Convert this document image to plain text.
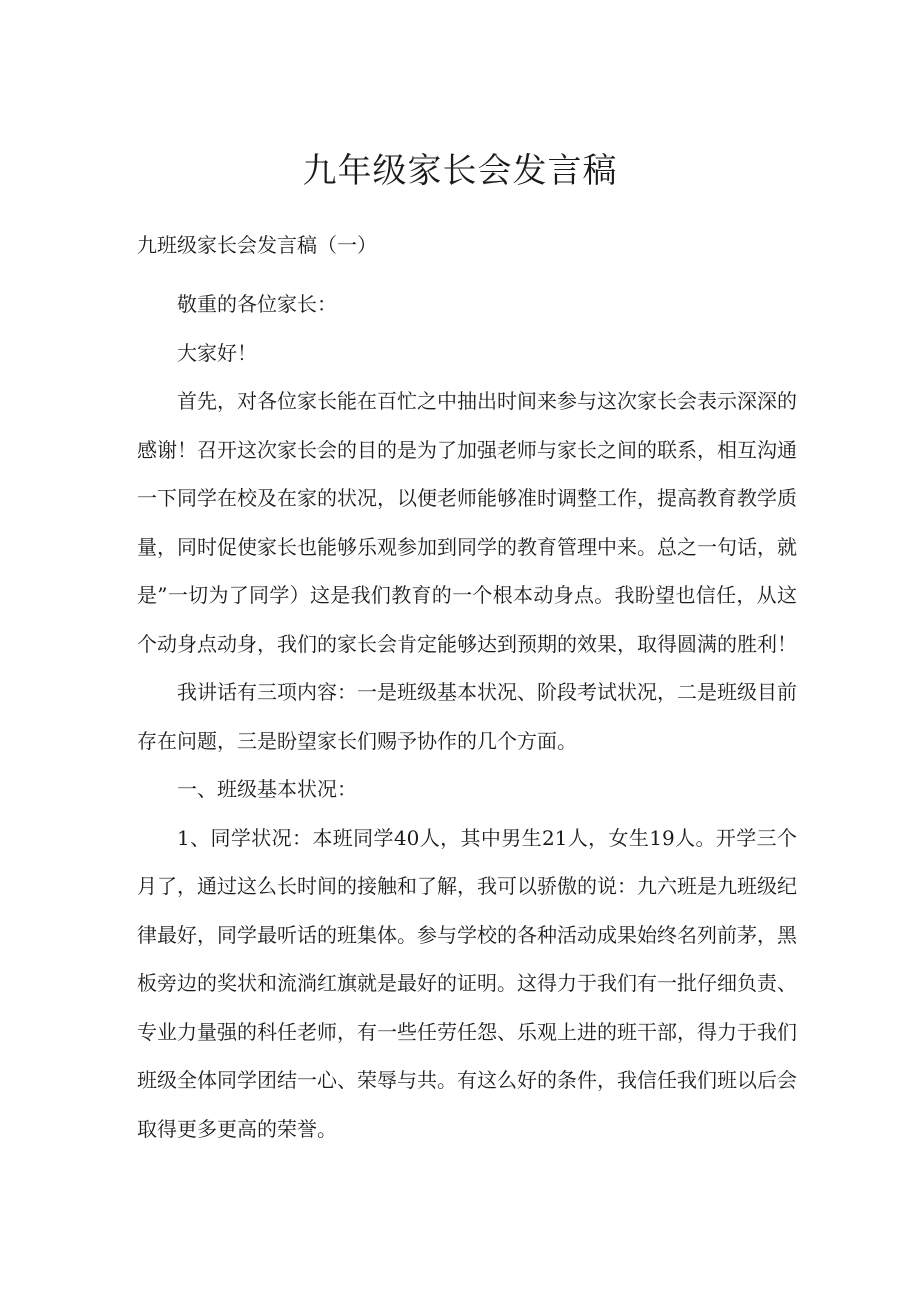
九年级家长会发言稿

九班级家长会发言稿（一）

敬重的各位家长：

大家好！

首先，对各位家长能在百忙之中抽出时间来参与这次家长会表示深深的感谢！召开这次家长会的目的是为了加强老师与家长之间的联系，相互沟通一下同学在校及在家的状况，以便老师能够准时调整工作，提高教育教学质量，同时促使家长也能够乐观参加到同学的教育管理中来。总之一句话，就是”一切为了同学）这是我们教育的一个根本动身点。我盼望也信任，从这个动身点动身，我们的家长会肯定能够达到预期的效果，取得圆满的胜利！

我讲话有三项内容：一是班级基本状况、阶段考试状况，二是班级目前存在问题，三是盼望家长们赐予协作的几个方面。

一、班级基本状况：

1、同学状况：本班同学40人，其中男生21人，女生19人。开学三个月了，通过这么长时间的接触和了解，我可以骄傲的说：九六班是九班级纪律最好，同学最听话的班集体。参与学校的各种活动成果始终名列前茅，黑板旁边的奖状和流淌红旗就是最好的证明。这得力于我们有一批仔细负责、专业力量强的科任老师，有一些任劳任怨、乐观上进的班干部，得力于我们班级全体同学团结一心、荣辱与共。有这么好的条件，我信任我们班以后会取得更多更高的荣誉。
